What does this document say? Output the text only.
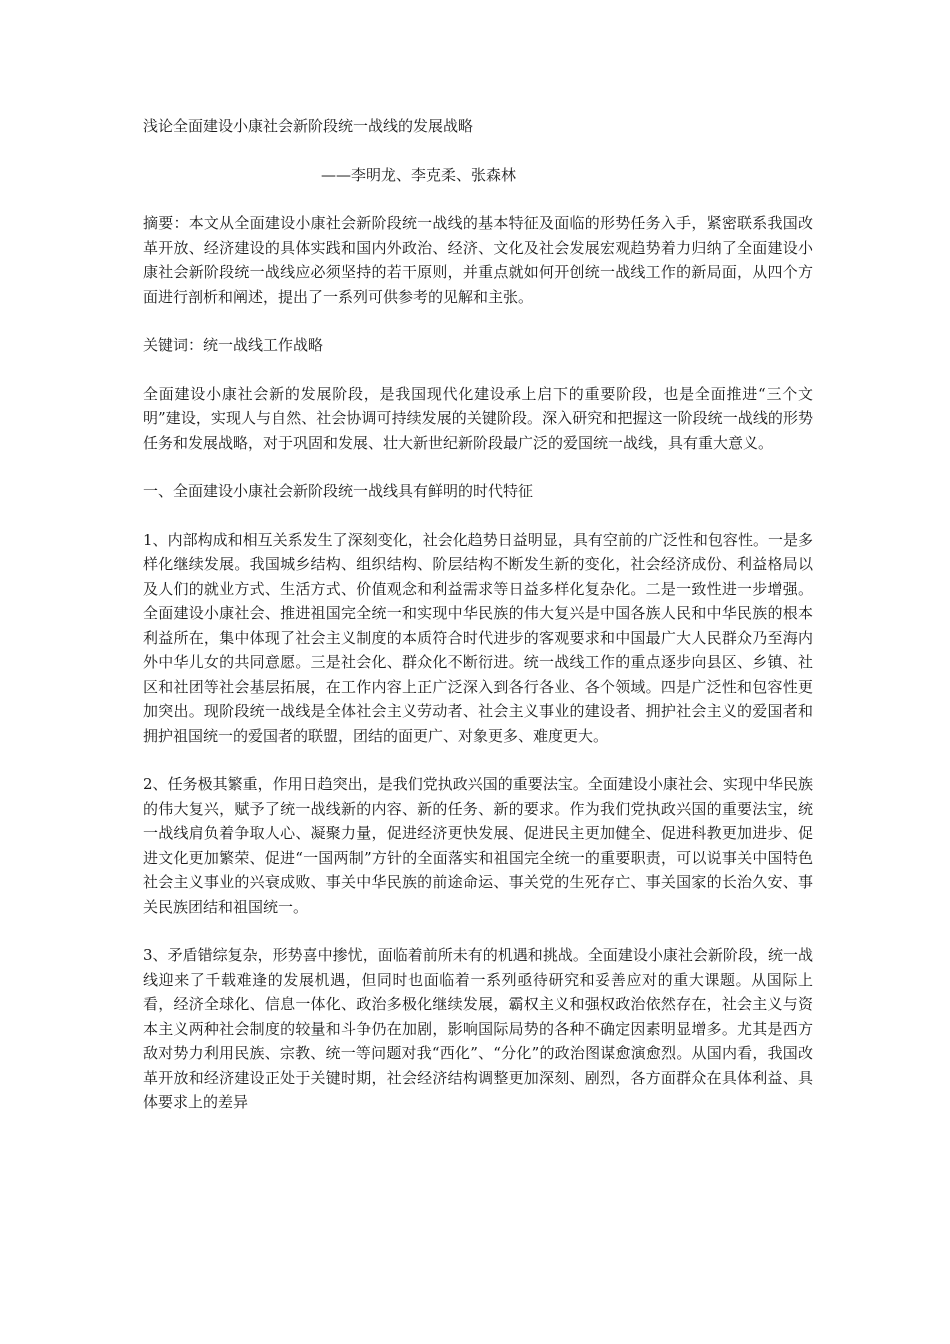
浅论全面建设小康社会新阶段统一战线的发展战略
——李明龙、李克柔、张森林

摘要：本文从全面建设小康社会新阶段统一战线的基本特征及面临的形势任务入手，紧密联系我国改革开放、经济建设的具体实践和国内外政治、经济、文化及社会发展宏观趋势着力归纳了全面建设小康社会新阶段统一战线应必须坚持的若干原则，并重点就如何开创统一战线工作的新局面，从四个方面进行剖析和阐述，提出了一系列可供参考的见解和主张。

关键词：统一战线工作战略

全面建设小康社会新的发展阶段，是我国现代化建设承上启下的重要阶段，也是全面推进“三个文明”建设，实现人与自然、社会协调可持续发展的关键阶段。深入研究和把握这一阶段统一战线的形势任务和发展战略，对于巩固和发展、壮大新世纪新阶段最广泛的爱国统一战线，具有重大意义。

一、全面建设小康社会新阶段统一战线具有鲜明的时代特征

1、内部构成和相互关系发生了深刻变化，社会化趋势日益明显，具有空前的广泛性和包容性。一是多样化继续发展。我国城乡结构、组织结构、阶层结构不断发生新的变化，社会经济成份、利益格局以及人们的就业方式、生活方式、价值观念和利益需求等日益多样化复杂化。二是一致性进一步增强。全面建设小康社会、推进祖国完全统一和实现中华民族的伟大复兴是中国各族人民和中华民族的根本利益所在，集中体现了社会主义制度的本质符合时代进步的客观要求和中国最广大人民群众乃至海内外中华儿女的共同意愿。三是社会化、群众化不断衍进。统一战线工作的重点逐步向县区、乡镇、社区和社团等社会基层拓展，在工作内容上正广泛深入到各行各业、各个领域。四是广泛性和包容性更加突出。现阶段统一战线是全体社会主义劳动者、社会主义事业的建设者、拥护社会主义的爱国者和拥护祖国统一的爱国者的联盟，团结的面更广、对象更多、难度更大。

2、任务极其繁重，作用日趋突出，是我们党执政兴国的重要法宝。全面建设小康社会、实现中华民族的伟大复兴，赋予了统一战线新的内容、新的任务、新的要求。作为我们党执政兴国的重要法宝，统一战线肩负着争取人心、凝聚力量，促进经济更快发展、促进民主更加健全、促进科教更加进步、促进文化更加繁荣、促进“一国两制”方针的全面落实和祖国完全统一的重要职责，可以说事关中国特色社会主义事业的兴衰成败、事关中华民族的前途命运、事关党的生死存亡、事关国家的长治久安、事关民族团结和祖国统一。

3、矛盾错综复杂，形势喜中掺忧，面临着前所未有的机遇和挑战。全面建设小康社会新阶段，统一战线迎来了千载难逢的发展机遇，但同时也面临着一系列亟待研究和妥善应对的重大课题。从国际上看，经济全球化、信息一体化、政治多极化继续发展，霸权主义和强权政治依然存在，社会主义与资本主义两种社会制度的较量和斗争仍在加剧，影响国际局势的各种不确定因素明显增多。尤其是西方敌对势力利用民族、宗教、统一等问题对我“西化”、“分化”的政治图谋愈演愈烈。从国内看，我国改革开放和经济建设正处于关键时期，社会经济结构调整更加深刻、剧烈，各方面群众在具体利益、具体要求上的差异
